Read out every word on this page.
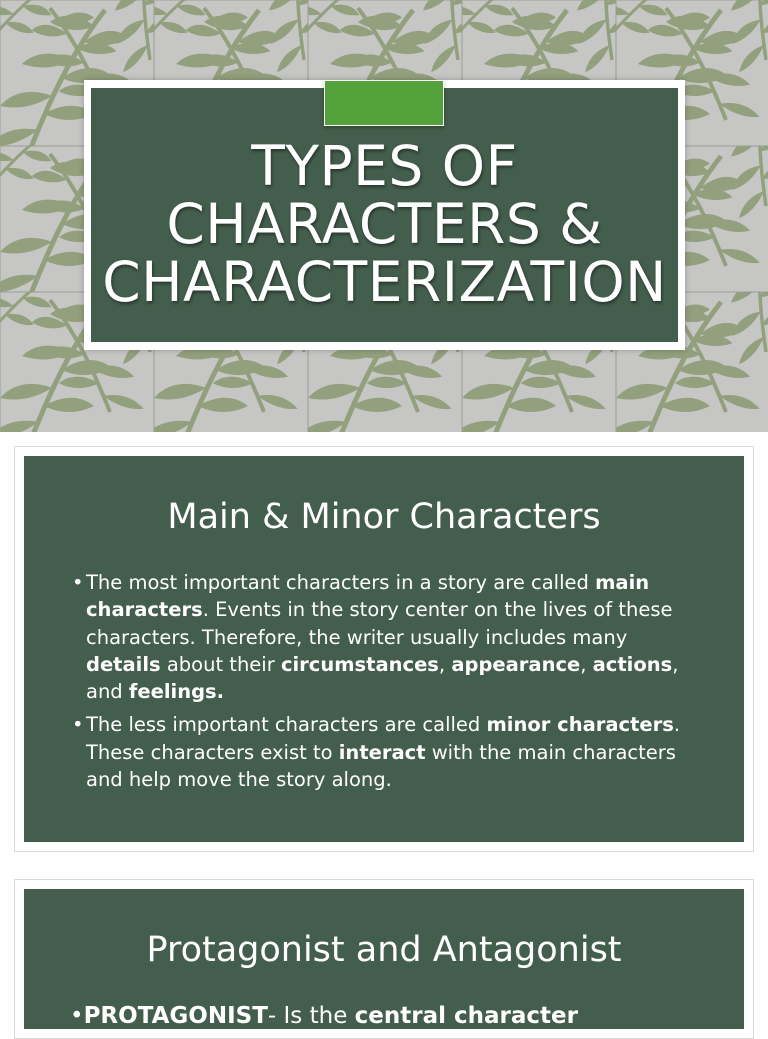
TYPES OF
CHARACTERS &
CHARACTERIZATION
Main & Minor Characters
• The most important characters in a story are called main characters. Events in the story center on the lives of these characters. Therefore, the writer usually includes many details about their circumstances, appearance, actions, and feelings.
• The less important characters are called minor characters. These characters exist to interact with the main characters and help move the story along.
Protagonist and Antagonist
•PROTAGONIST- Is the central character
